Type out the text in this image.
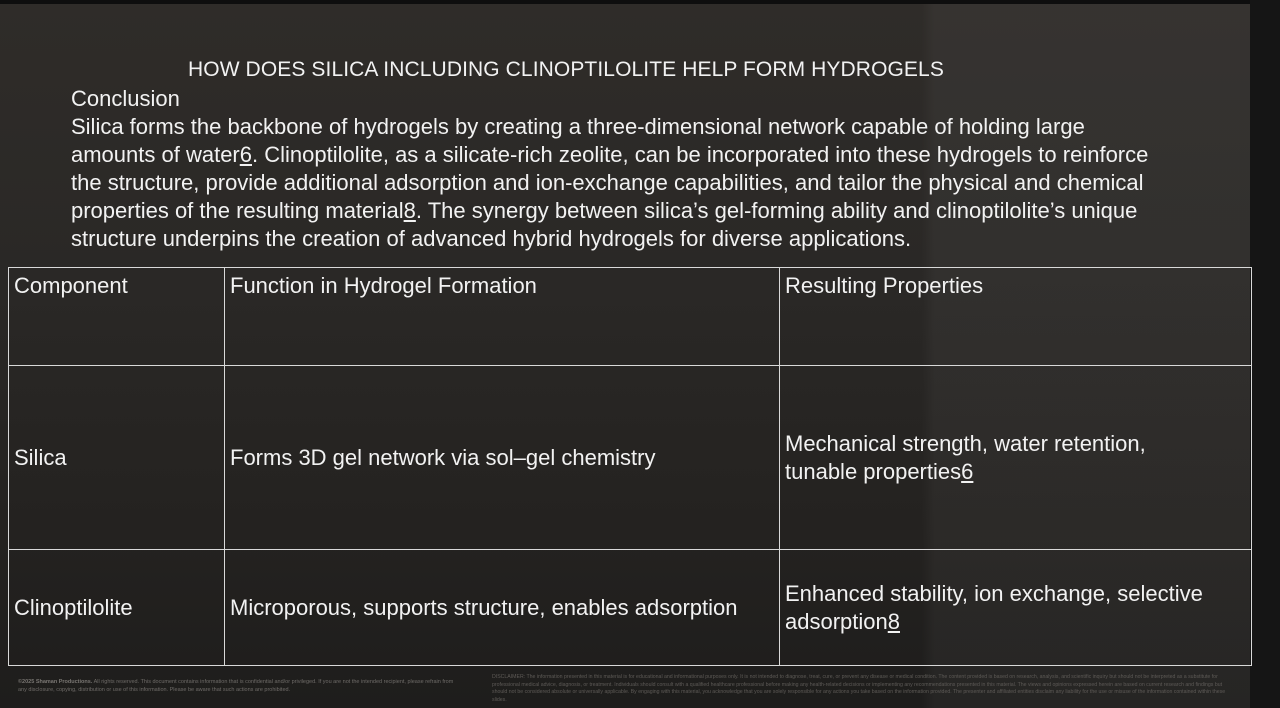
HOW DOES SILICA INCLUDING CLINOPTILOLITE HELP FORM HYDROGELS
Conclusion
Silica forms the backbone of hydrogels by creating a three-dimensional network capable of holding large
amounts of water6. Clinoptilolite, as a silicate-rich zeolite, can be incorporated into these hydrogels to reinforce
the structure, provide additional adsorption and ion-exchange capabilities, and tailor the physical and chemical
properties of the resulting material8. The synergy between silica’s gel-forming ability and clinoptilolite’s unique
structure underpins the creation of advanced hybrid hydrogels for diverse applications.
Component	Function in Hydrogel Formation	Resulting Properties
Silica	Forms 3D gel network via sol–gel chemistry	Mechanical strength, water retention,
tunable properties6
Clinoptilolite	Microporous, supports structure, enables adsorption	Enhanced stability, ion exchange, selective
adsorption8
©2025 Shaman Productions. All rights reserved. This document contains information that is confidential and/or privileged. If you are not the intended recipient, please refrain from any disclosure, copying, distribution or use of this information. Please be aware that such actions are prohibited.
DISCLAIMER: The information presented in this material is for educational and informational purposes only. It is not intended to diagnose, treat, cure, or prevent any disease or medical condition. The content provided is based on research, analysis, and scientific inquiry but should not be interpreted as a substitute for professional medical advice, diagnosis, or treatment. Individuals should consult with a qualified healthcare professional before making any health-related decisions or implementing any recommendations presented in this material. The views and opinions expressed herein are based on current research and findings but should not be considered absolute or universally applicable. By engaging with this material, you acknowledge that you are solely responsible for any actions you take based on the information provided. The presenter and affiliated entities disclaim any liability for the use or misuse of the information contained within these slides.
